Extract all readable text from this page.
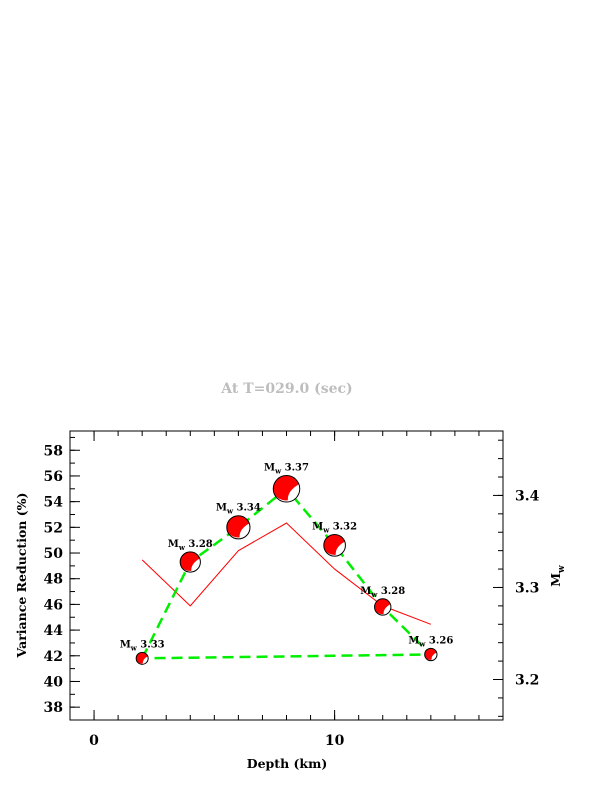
At T=029.0 (sec)
0	10
38
40
42
44
46
48
50
52
54
56
58
3.2
3.3
3.4
$M_w$ 3.33
$M_w$ 3.28
$M_w$ 3.34
$M_w$ 3.37
$M_w$ 3.32
$M_w$ 3.28
$M_w$ 3.26
Depth (km)
Variance Reduction (%)	$M_w$
